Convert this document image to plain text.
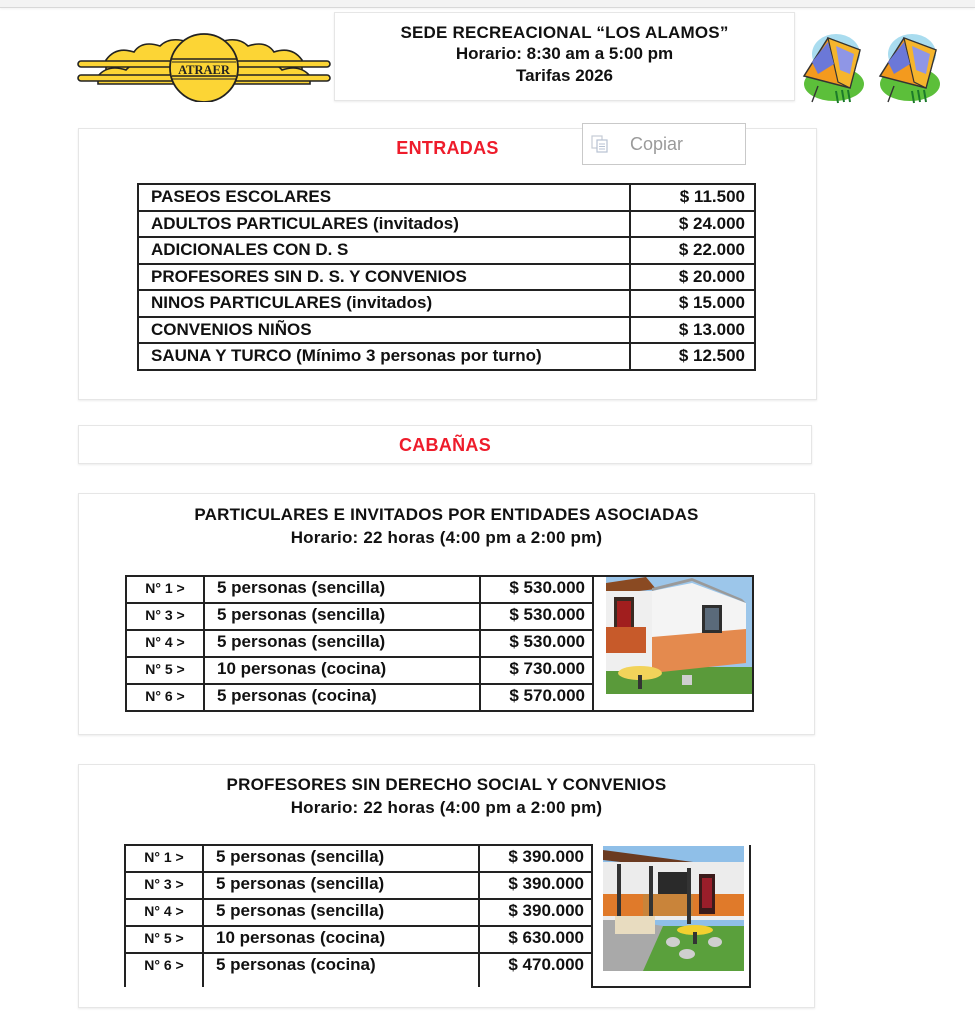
ATRAER
SEDE RECREACIONAL “LOS ALAMOS”
Horario: 8:30 am a 5:00 pm
Tarifas 2026
ENTRADAS	Copiar
PASEOS ESCOLARES	$ 11.500
ADULTOS PARTICULARES (invitados)	$ 24.000
ADICIONALES CON D. S	$ 22.000
PROFESORES SIN D. S. Y CONVENIOS	$ 20.000
NINOS PARTICULARES (invitados)	$ 15.000
CONVENIOS NIÑOS	$ 13.000
SAUNA Y TURCO (Mínimo 3 personas por turno)	$ 12.500
CABAÑAS
PARTICULARES E INVITADOS POR ENTIDADES ASOCIADAS
Horario: 22 horas (4:00 pm a 2:00 pm)
N° 1 >	5 personas (sencilla)	$ 530.000	

N° 3 >	5 personas (sencilla)	$ 530.000	
N° 4 >	5 personas (sencilla)	$ 530.000	
N° 5 >	10 personas (cocina)	$ 730.000	
N° 6 >	5 personas (cocina)	$ 570.000	
PROFESORES SIN DERECHO SOCIAL Y CONVENIOS
Horario: 22 horas (4:00 pm a 2:00 pm)
N° 1 >	5 personas (sencilla)	$ 390.000	

N° 3 >	5 personas (sencilla)	$ 390.000	
N° 4 >	5 personas (sencilla)	$ 390.000	
N° 5 >	10 personas (cocina)	$ 630.000	
N° 6 >	5 personas (cocina)	$ 470.000	
